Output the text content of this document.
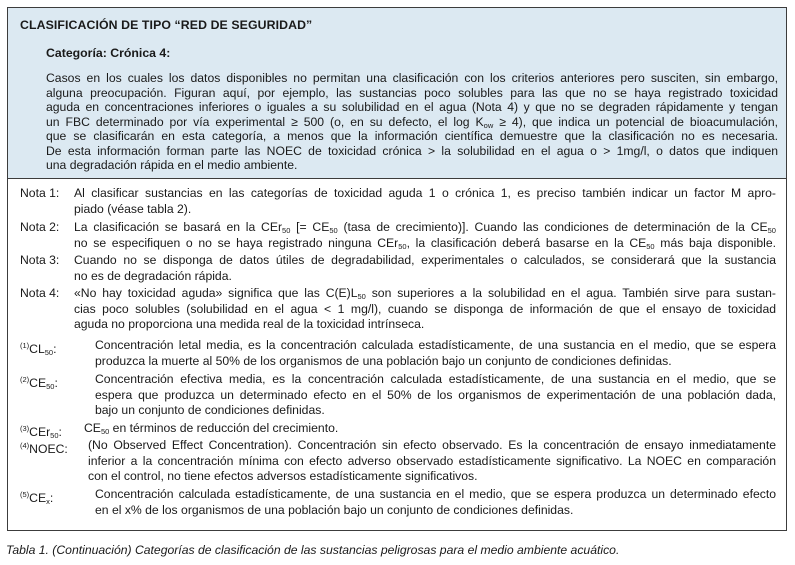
CLASIFICACIÓN DE TIPO “RED DE SEGURIDAD”
Categoría: Crónica 4:
Casos en los cuales los datos disponibles no permitan una clasificación con los criterios anteriores pero susciten, sin embargo,
alguna preocupación. Figuran aquí, por ejemplo, las sustancias poco solubles para las que no se haya registrado toxicidad
aguda en concentraciones inferiores o iguales a su solubilidad en el agua (Nota 4) y que no se degraden rápidamente y tengan
un FBC determinado por vía experimental ≥ 500 (o, en su defecto, el $\log K_{ow} \ge 4$), que indica un potencial de bioacumulación,
que se clasificarán en esta categoría, a menos que la información científica demuestre que la clasificación no es necesaria.
De esta información forman parte las NOEC de toxicidad crónica > la solubilidad en el agua o > 1mg/l, o datos que indiquen
una degradación rápida en el medio ambiente.
Nota 1: Al clasificar sustancias en las categorías de toxicidad aguda 1 o crónica 1, es preciso también indicar un factor M apro-
piado (véase tabla 2).
Nota 2: La clasificación se basará en la CEr$_{50}$ [= $CE_{50}$ (tasa de crecimiento)]. Cuando las condiciones de determinación de la $CE_{50}$
no se especifiquen o no se haya registrado ninguna CEr$_{50}$, la clasificación deberá basarse en la $CE_{50}$ más baja disponible.
Nota 3: Cuando no se disponga de datos útiles de degradabilidad, experimentales o calculados, se considerará que la sustancia
no es de degradación rápida.
Nota 4: «No hay toxicidad aguda» significa que las $C(E)L_{50}$ son superiores a la solubilidad en el agua. También sirve para sustan-
cias poco solubles (solubilidad en el agua < 1 mg/l), cuando se disponga de información de que el ensayo de toxicidad
aguda no proporciona una medida real de la toxicidad intrínseca.
$^{(1)}CL_{50}$:	Concentración letal media, es la concentración calculada estadísticamente, de una sustancia en el medio, que se espera
produzca la muerte al 50% de los organismos de una población bajo un conjunto de condiciones definidas.
$^{(2)}CE_{50}$:	Concentración efectiva media, es la concentración calculada estadísticamente, de una sustancia en el medio, que se
espera que produzca un determinado efecto en el 50% de los organismos de experimentación de una población dada,
bajo un conjunto de condiciones definidas.
$^{(3)}$CEr$_{50}$: $CE_{50}$ en términos de reducción del crecimiento.
$^{(4)}$NOEC: (No Observed Effect Concentration). Concentración sin efecto observado. Es la concentración de ensayo inmediatamente
inferior a la concentración mínima con efecto adverso observado estadísticamente significativo. La NOEC en comparación
con el control, no tiene efectos adversos estadísticamente significativos.
$^{(5)}CE_x$:	Concentración calculada estadísticamente, de una sustancia en el medio, que se espera produzca un determinado efecto
en el x% de los organismos de una población bajo un conjunto de condiciones definidas.
Tabla 1. (Continuación) Categorías de clasificación de las sustancias peligrosas para el medio ambiente acuático.
